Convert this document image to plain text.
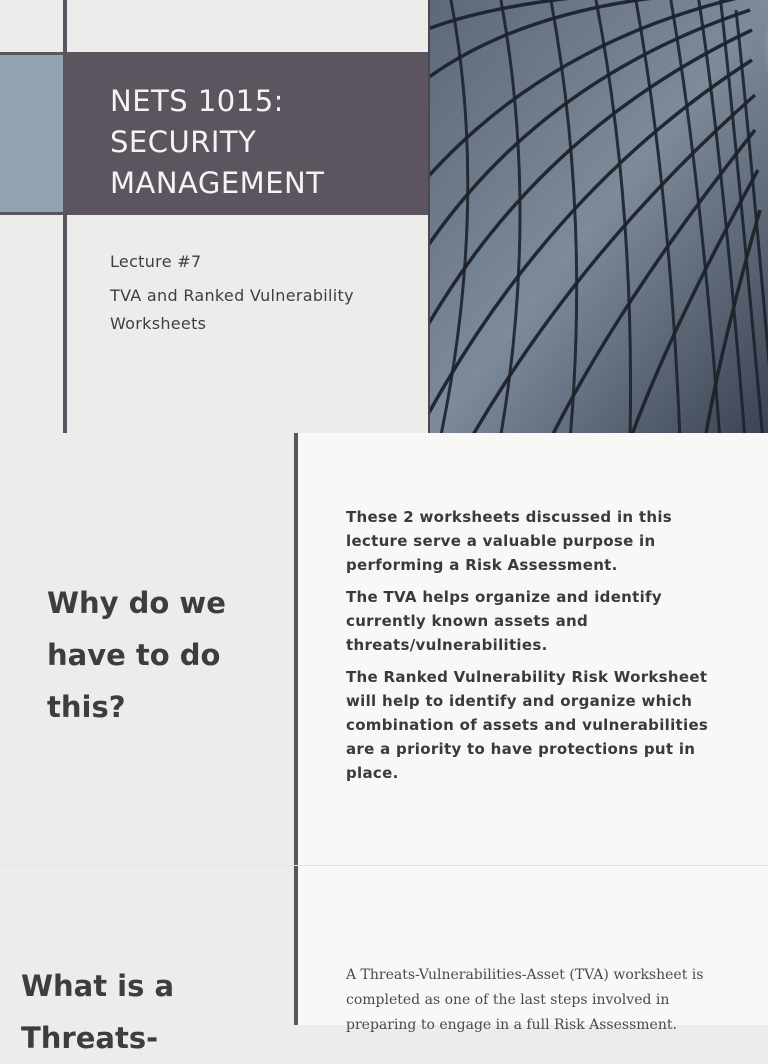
NETS 1015:
SECURITY
MANAGEMENT
Lecture #7
TVA and Ranked Vulnerability
Worksheets
Why do we
have to do
this?

These 2 worksheets discussed in this lecture serve a valuable purpose in performing a Risk Assessment.

The TVA helps organize and identify currently known assets and threats/vulnerabilities.

The Ranked Vulnerability Risk Worksheet will help to identify and organize which combination of assets and vulnerabilities are a priority to have protections put in place.

What is a
Threats-

A Threats-Vulnerabilities-Asset (TVA) worksheet is completed as one of the last steps involved in preparing to engage in a full Risk Assessment.
